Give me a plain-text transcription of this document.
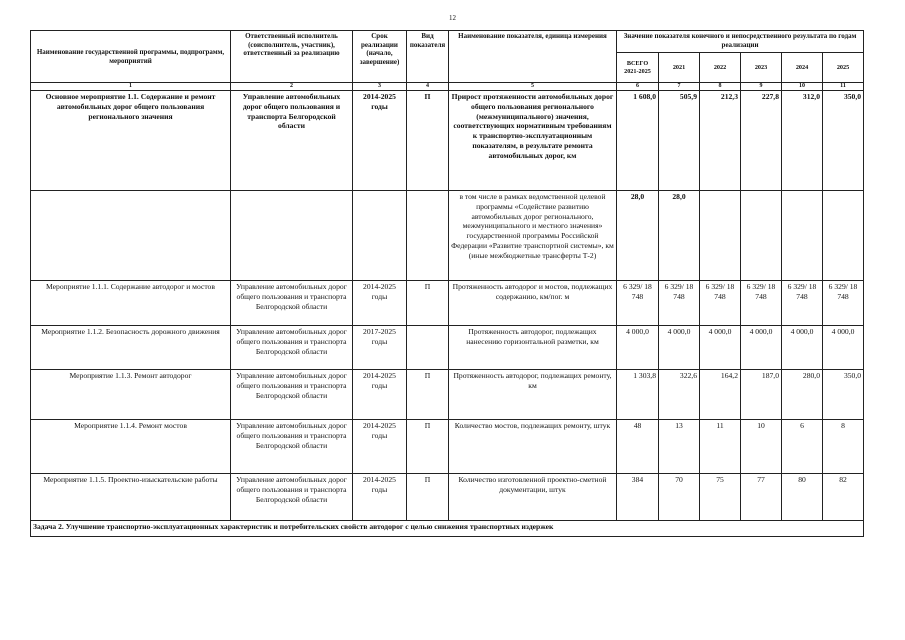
12
Наименование государственной программы, подпрограмм, мероприятий	Ответственный исполнитель (соисполнитель, участник), ответственный за реализацию	Срок реализации (начало, завершение)	Вид показателя	Наименование показателя, единица измерения	Значение показателя конечного и непосредственного результата по годам реализации					
					ВСЕГО 2021-2025	2021	2022	2023	2024	2025
1	2	3	4	5	6	7	8	9	10	11
Основное мероприятие 1.1. Содержание и ремонт автомобильных дорог общего пользования регионального значения	Управление автомобильных дорог общего пользования и транспорта Белгородской области	2014-2025 годы	П	Прирост протяженности автомобильных дорог общего пользования регионального (межмуниципального) значения, соответствующих нормативным требованиям к транспортно-эксплуатационным показателям, в результате ремонта автомобильных дорог, км	1 608,0	505,9	212,3	227,8	312,0	350,0
				в том числе в рамках ведомственной целевой программы «Содействие развитию автомобильных дорог регионального, межмуниципального и местного значения» государственной программы Российской Федерации «Развитие транспортной системы», км (иные межбюджетные трансферты Т-2)	28,0	28,0				
Мероприятие 1.1.1. Содержание автодорог и мостов	Управление автомобильных дорог общего пользования и транспорта Белгородской области	2014-2025 годы	П	Протяженность автодорог и мостов, подлежащих содержанию, км/пог. м	6 329/ 18 748	6 329/ 18 748	6 329/ 18 748	6 329/ 18 748	6 329/ 18 748	6 329/ 18 748
Мероприятие 1.1.2. Безопасность дорожного движения	Управление автомобильных дорог общего пользования и транспорта Белгородской области	2017-2025 годы		Протяженность автодорог, подлежащих нанесению горизонтальной разметки, км	4 000,0	4 000,0	4 000,0	4 000,0	4 000,0	4 000,0
Мероприятие 1.1.3. Ремонт автодорог	Управление автомобильных дорог общего пользования и транспорта Белгородской области	2014-2025 годы	П	Протяженность автодорог, подлежащих ремонту, км	1 303,8	322,6	164,2	187,0	280,0	350,0
Мероприятие 1.1.4. Ремонт мостов	Управление автомобильных дорог общего пользования и транспорта Белгородской области	2014-2025 годы	П	Количество мостов, подлежащих ремонту, штук	48	13	11	10	6	8
Мероприятие 1.1.5. Проектно-изыскательские работы	Управление автомобильных дорог общего пользования и транспорта Белгородской области	2014-2025 годы	П	Количество изготовленной проектно-сметной документации, штук	384	70	75	77	80	82
Задача 2. Улучшение транспортно-эксплуатационных характеристик и потребительских свойств автодорог с целью снижения транспортных издержек										
